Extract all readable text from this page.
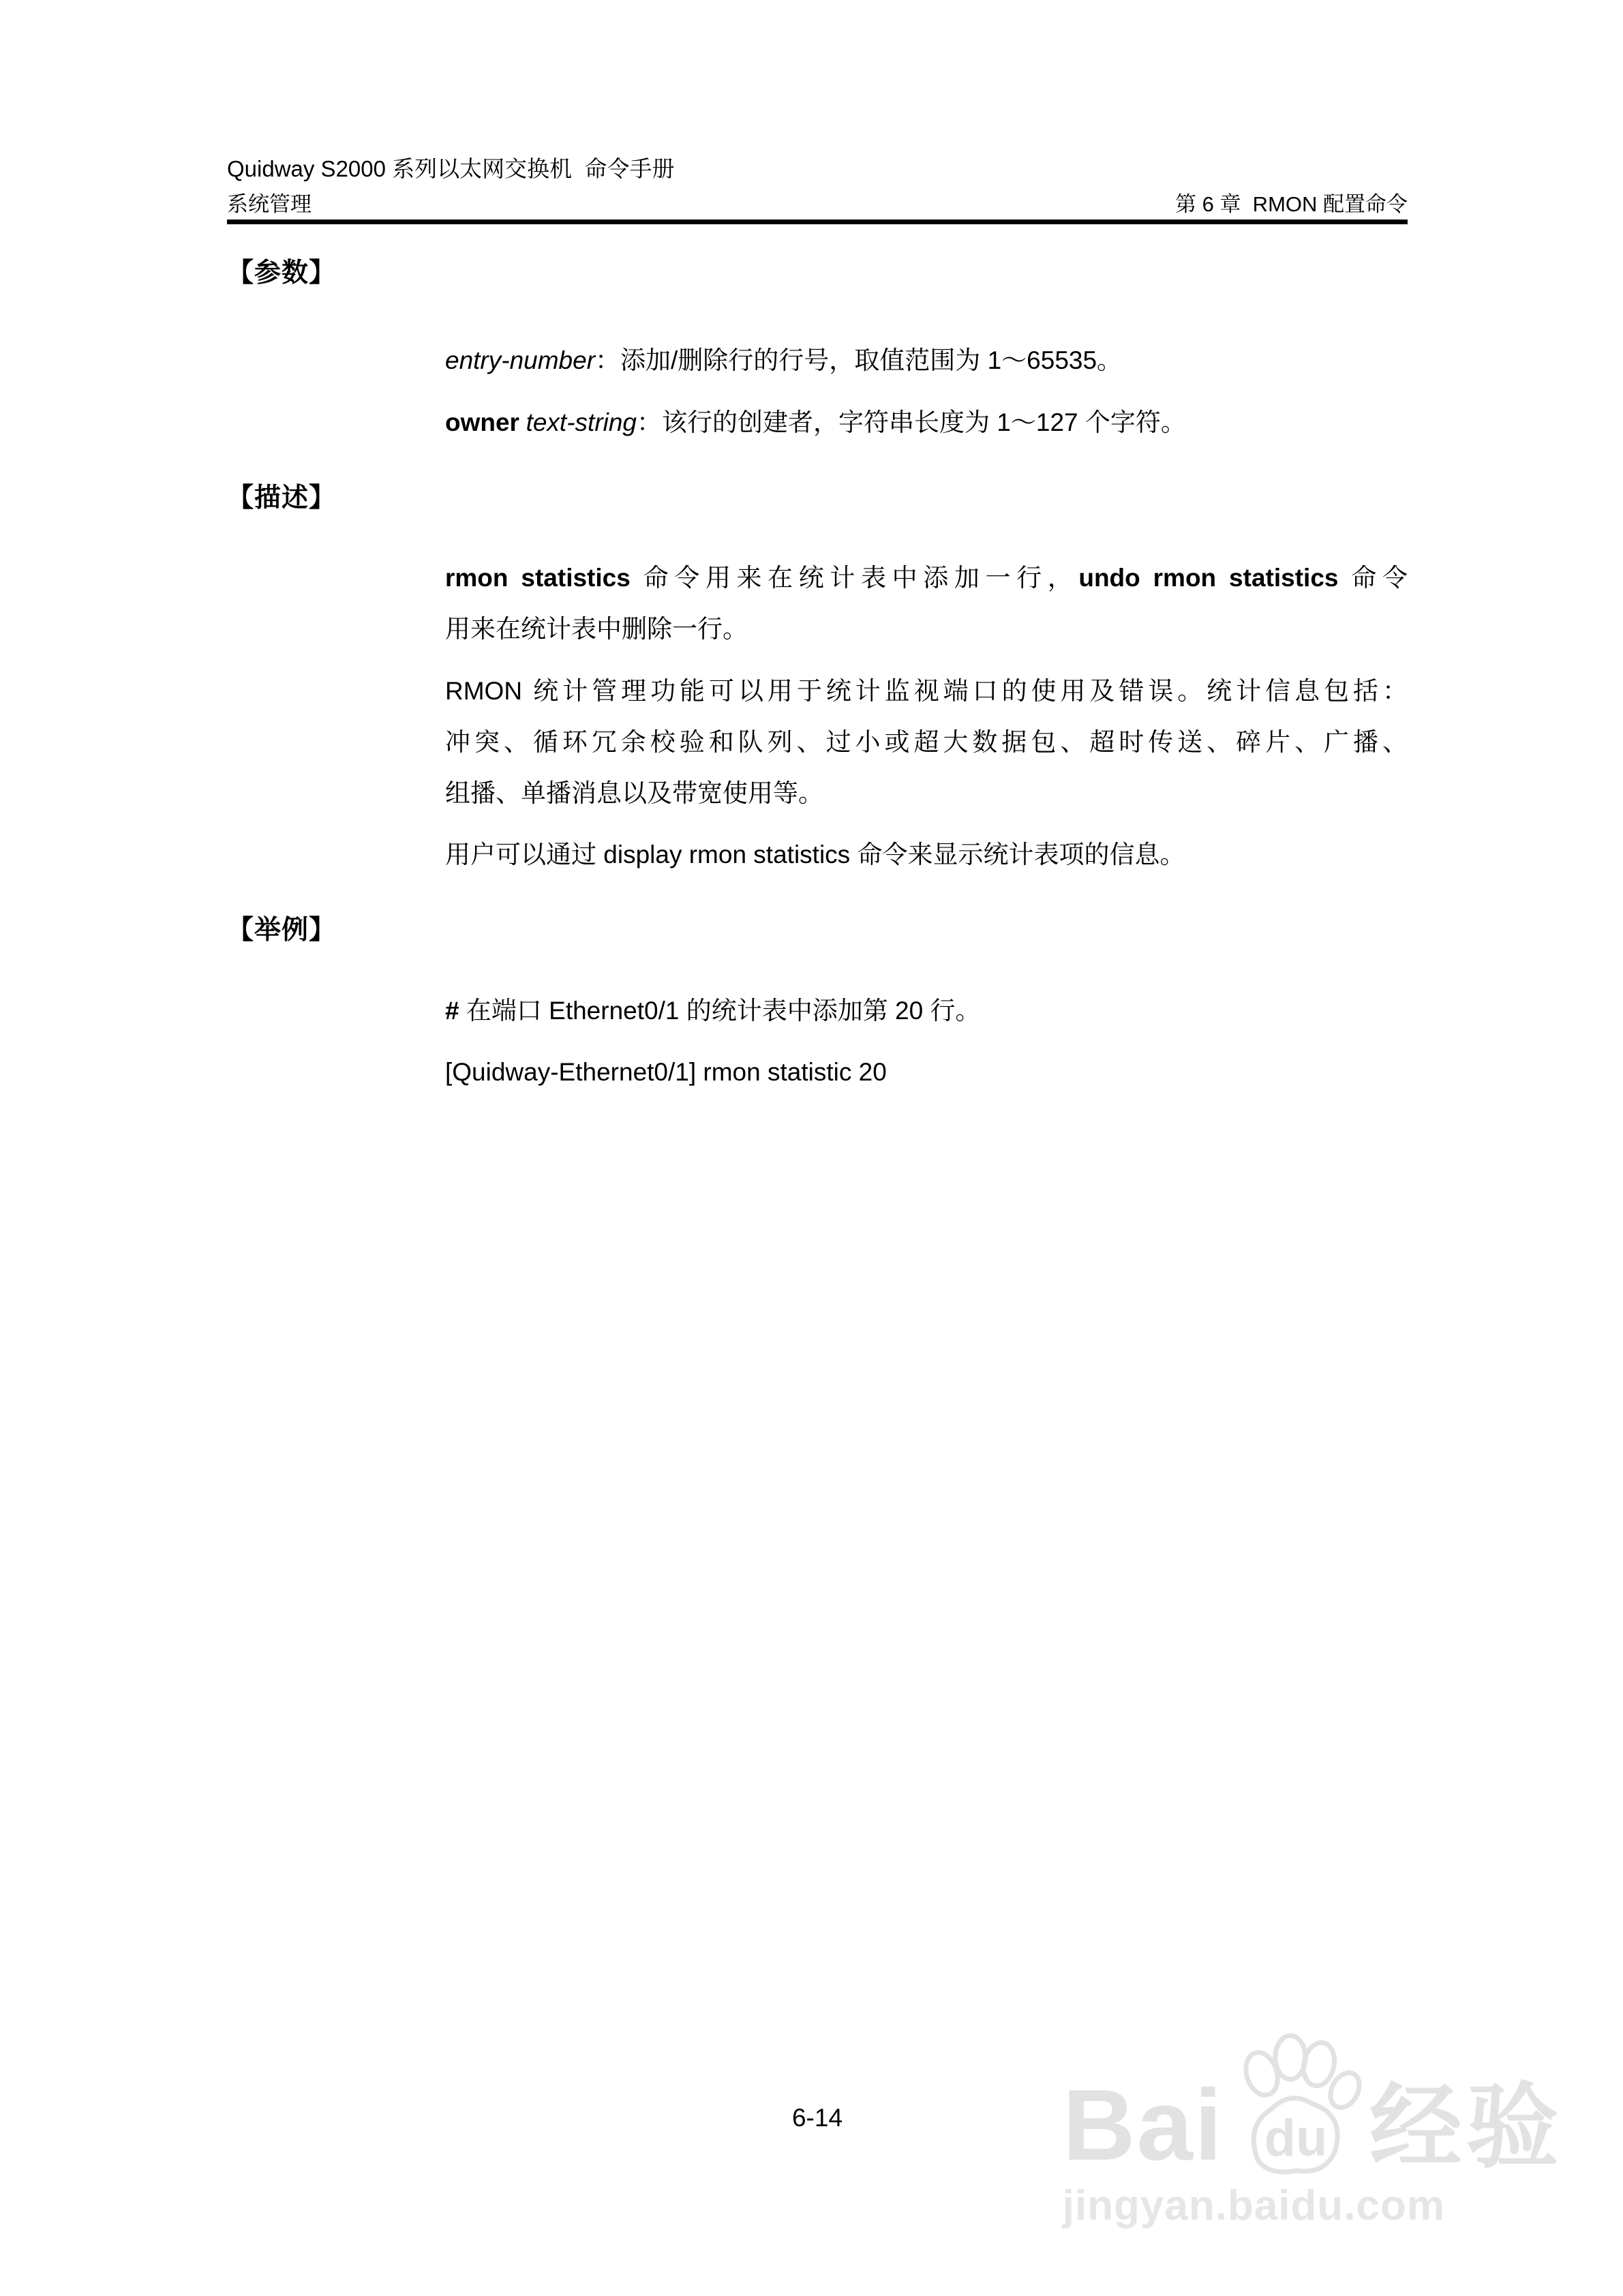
Quidway S2000 系列以太网交换机  命令手册
系统管理	第 6 章  RMON 配置命令
【参数】
entry-number：添加/删除行的行号，取值范围为 1～65535。
owner text-string：该行的创建者，字符串长度为 1～127 个字符。
【描述】
rmon statistics 命令用来在统计表中添加一行，undo rmon statistics 命令
用来在统计表中删除一行。
RMON 统计管理功能可以用于统计监视端口的使用及错误。统计信息包括：
冲突、循环冗余校验和队列、过小或超大数据包、超时传送、碎片、广播、
组播、单播消息以及带宽使用等。
用户可以通过 display rmon statistics 命令来显示统计表项的信息。
【举例】
# 在端口 Ethernet0/1 的统计表中添加第 20 行。
[Quidway-Ethernet0/1] rmon statistic 20
6-14	Bai du 经验
jingyan.baidu.com
